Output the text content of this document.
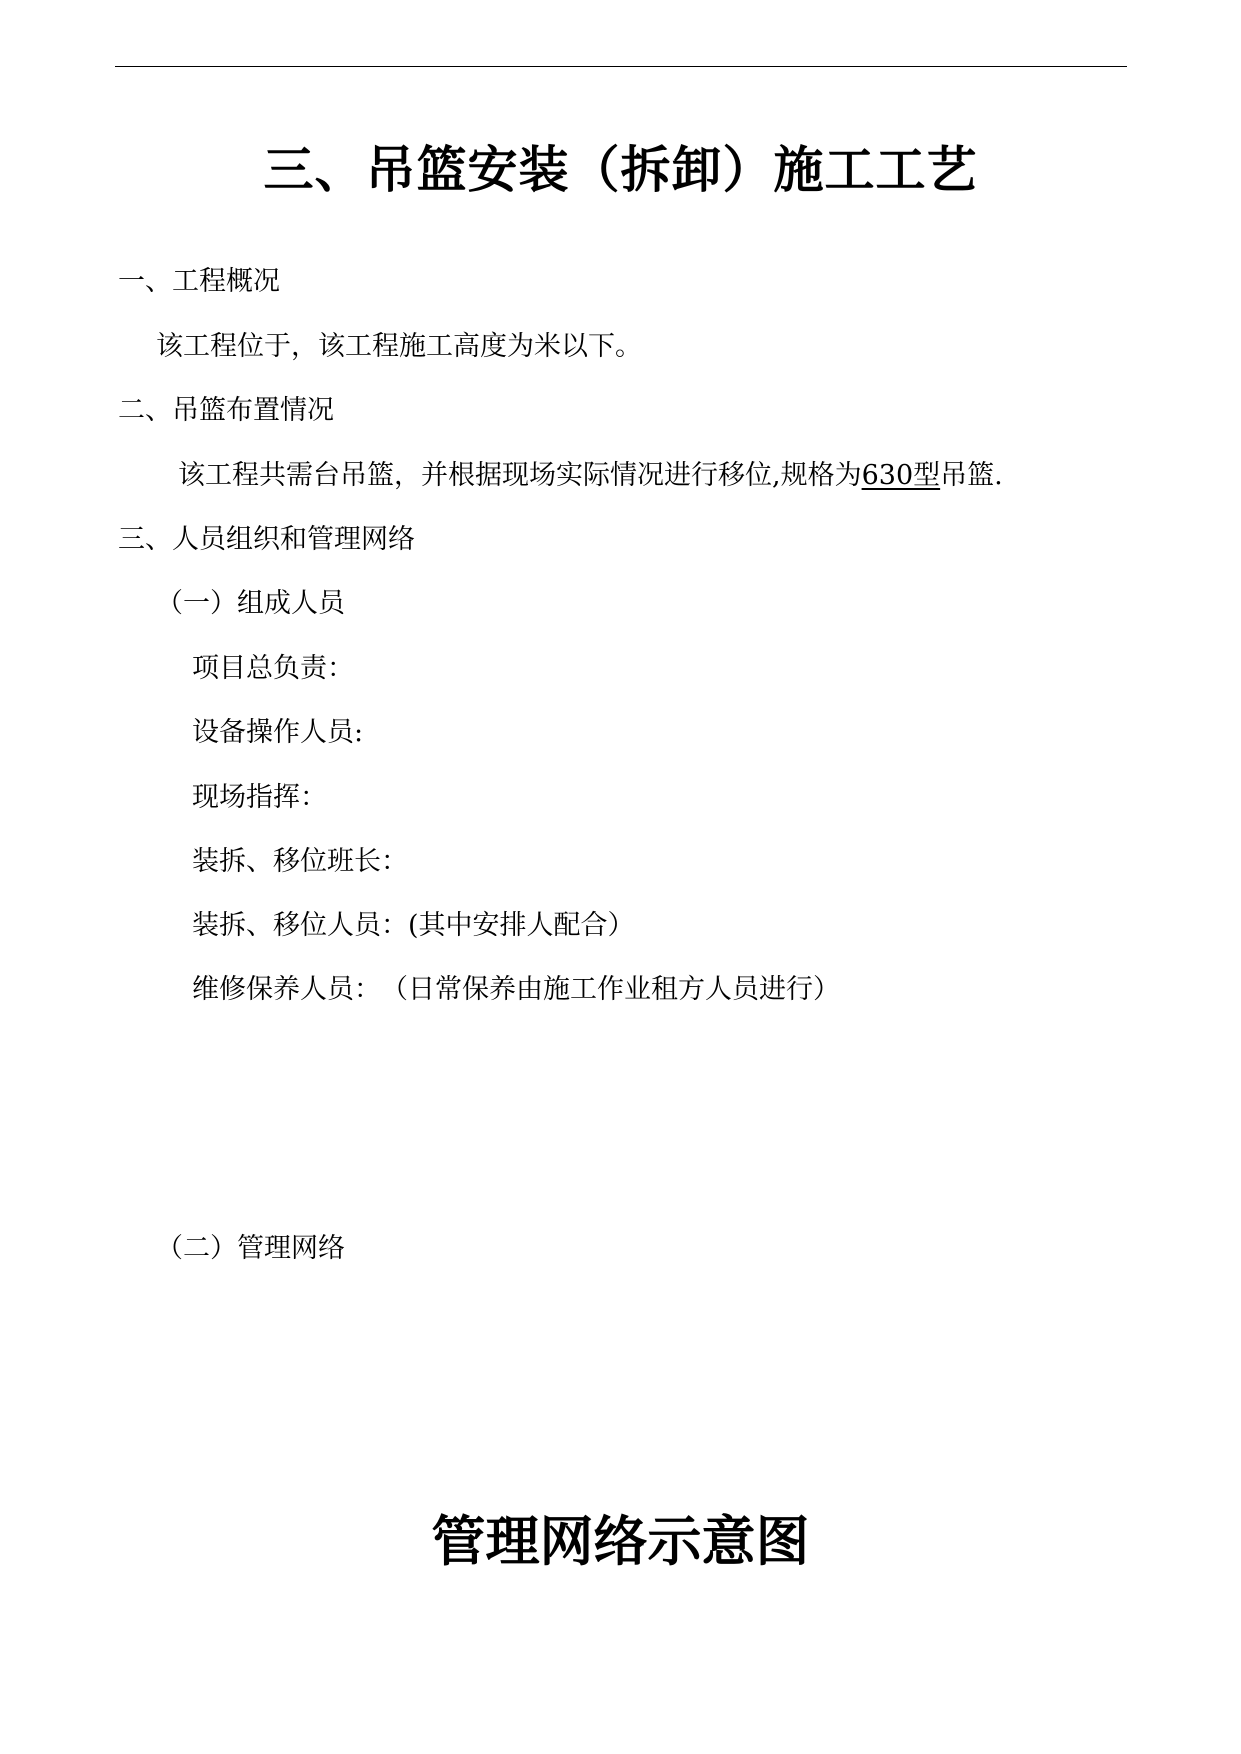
三、吊篮安装（拆卸）施工工艺
一、工程概况
该工程位于，该工程施工高度为米以下。
二、吊篮布置情况
该工程共需台吊篮，并根据现场实际情况进行移位,规格为630型吊篮.
三、人员组织和管理网络
（一）组成人员
项目总负责：
设备操作人员:
现场指挥：
装拆、移位班长：
装拆、移位人员：(其中安排人配合）
维修保养人员：　（日常保养由施工作业租方人员进行）
（二）管理网络
管理网络示意图
